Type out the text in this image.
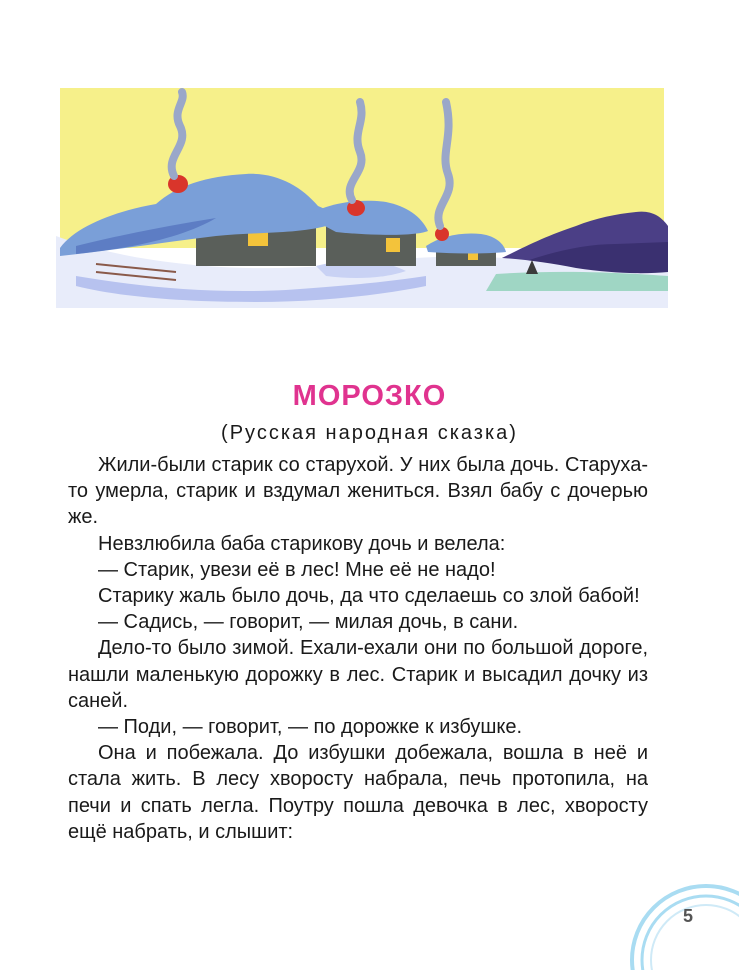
МОРОЗКО
(Русская народная сказка)

Жили-были старик со старухой. У них была дочь. Старуха-то умерла, старик и вздумал жениться. Взял бабу с дочерью же.

Невзлюбила баба старикову дочь и велела:

— Старик, увези её в лес! Мне её не надо!

Старику жаль было дочь, да что сделаешь со злой бабой!

— Садись, — говорит, — милая дочь, в сани.

Дело-то было зимой. Ехали-ехали они по большой дороге, нашли маленькую дорожку в лес. Старик и высадил дочку из саней.

— Поди, — говорит, — по дорожке к избушке.

Она и побежала. До избушки добежала, вошла в неё и стала жить. В лесу хворосту набрала, печь протопила, на печи и спать легла. Поутру пошла девочка в лес, хворосту ещё набрать, и слышит:

5
